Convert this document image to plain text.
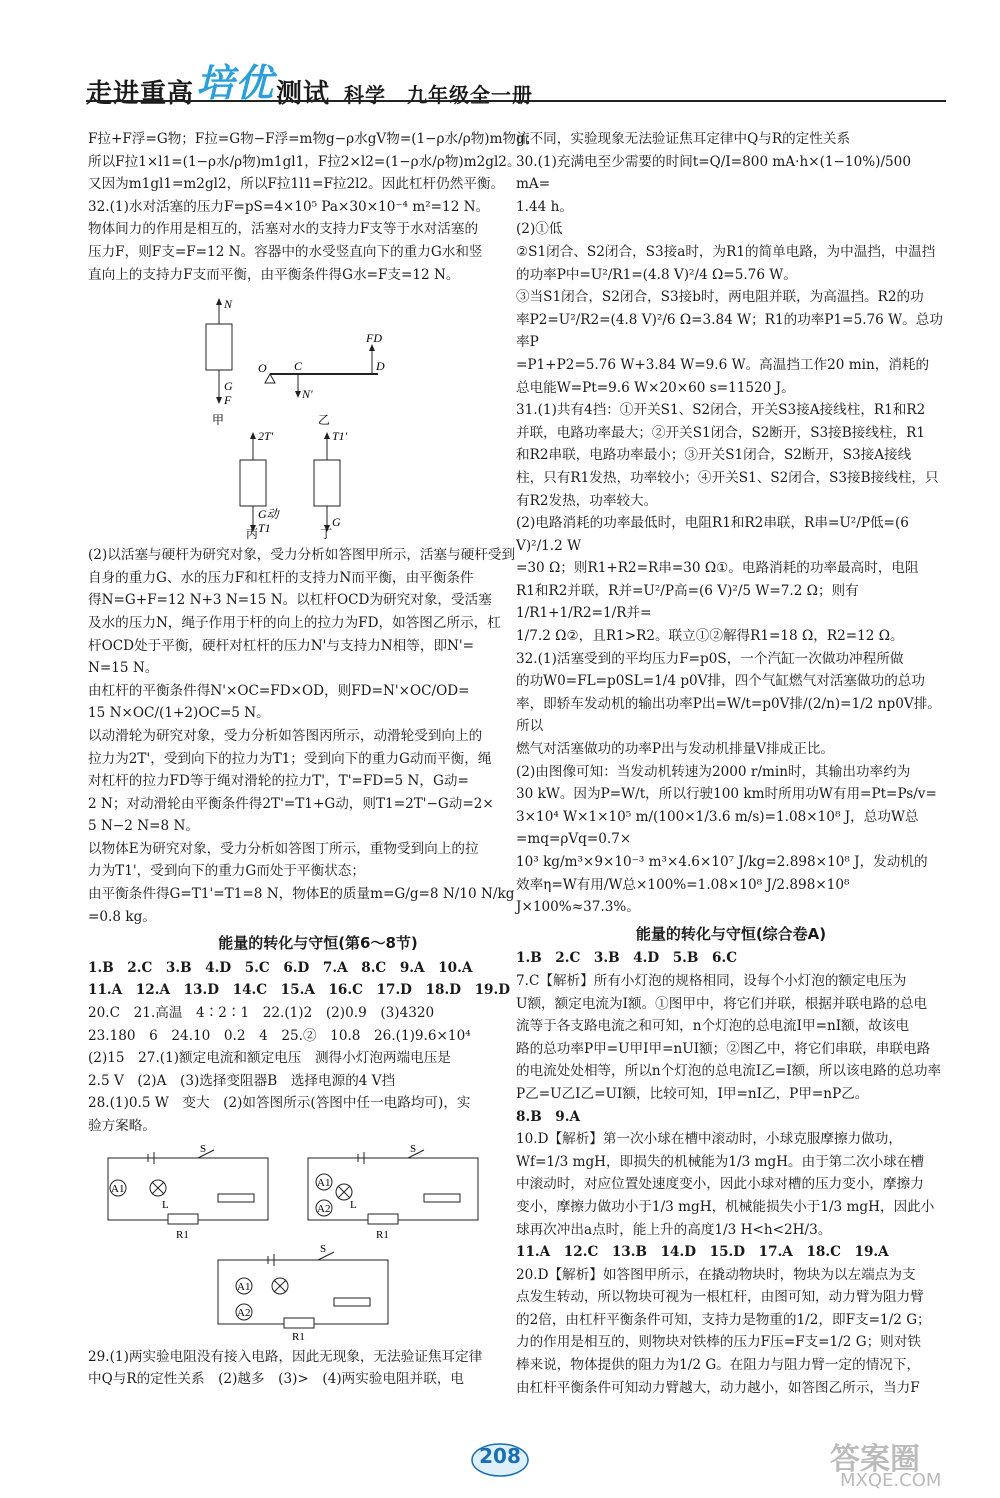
走进重高培优测试 科学　九年级全一册

F拉+F浮=G物；F拉=G物−F浮=m物g−ρ水gV物=(1−ρ水/ρ物)m物g；

所以F拉1×l1=(1−ρ水/ρ物)m1gl1，F拉2×l2=(1−ρ水/ρ物)m2gl2。

又因为m1gl1=m2gl2，所以F拉1l1=F拉2l2。因此杠杆仍然平衡。

32.(1)水对活塞的压力F=pS=4×10⁵ Pa×30×10⁻⁴ m²=12 N。

物体间力的作用是相互的，活塞对水的支持力F支等于水对活塞的

压力F，则F支=F=12 N。容器中的水受竖直向下的重力G水和竖

直向上的支持力F支而平衡，由平衡条件得G水=F支=12 N。

N
G
F
甲
O C	D
FD
N'
乙
2T'
G动
T1
丙
T1'
G
丁

(2)以活塞与硬杆为研究对象，受力分析如答图甲所示，活塞与硬杆受到

自身的重力G、水的压力F和杠杆的支持力N而平衡，由平衡条件

得N=G+F=12 N+3 N=15 N。以杠杆OCD为研究对象，受活塞

及水的压力N，绳子作用于杆的向上的拉力为FD，如答图乙所示，杠

杆OCD处于平衡，硬杆对杠杆的压力N'与支持力N相等，即N'=

N=15 N。

由杠杆的平衡条件得N'×OC=FD×OD，则FD=N'×OC/OD=

15 N×OC/(1+2)OC=5 N。

以动滑轮为研究对象，受力分析如答图丙所示，动滑轮受到向上的

拉力为2T'，受到向下的拉力为T1；受到向下的重力G动而平衡，绳

对杠杆的拉力FD等于绳对滑轮的拉力T'，T'=FD=5 N，G动=

2 N；对动滑轮由平衡条件得2T'=T1+G动，则T1=2T'−G动=2×

5 N−2 N=8 N。

以物体E为研究对象，受力分析如答图丁所示，重物受到向上的拉

力为T1'，受到向下的重力G而处于平衡状态；

由平衡条件得G=T1'=T1=8 N，物体E的质量m=G/g=8 N/10 N/kg

=0.8 kg。

能量的转化与守恒(第6～8节)

1.B　2.C　3.B　4.D　5.C　6.D　7.A　8.C　9.A　10.A

11.A　12.A　13.D　14.C　15.A　16.C　17.D　18.D　19.D

20.C　21.高温　4∶2∶1　22.(1)2　(2)0.9　(3)4320

23.180　6　24.10　0.2　4　25.②　10.8　26.(1)9.6×10⁴

(2)15　27.(1)额定电流和额定电压　测得小灯泡两端电压是

2.5 V　(2)A　(3)选择变阻器B　选择电源的4 V挡

28.(1)0.5 W　变大　(2)如答图所示(答图中任一电路均可)，实

验方案略。

S
A1
L
R1
S
A1
A2 L
R1
S
A1
A2
R1

29.(1)两实验电阻没有接入电路，因此无现象，无法验证焦耳定律

中Q与R的定性关系　(2)越多　(3)>　(4)两实验电阻并联，电

流不同，实验现象无法验证焦耳定律中Q与R的定性关系

30.(1)充满电至少需要的时间t=Q/I=800 mA·h×(1−10%)/500 mA=

1.44 h。

(2)①低

②S1闭合、S2闭合，S3接a时，为R1的简单电路，为中温挡，中温挡

的功率P中=U²/R1=(4.8 V)²/4 Ω=5.76 W。

③当S1闭合，S2闭合，S3接b时，两电阻并联，为高温挡。R2的功

率P2=U²/R2=(4.8 V)²/6 Ω=3.84 W；R1的功率P1=5.76 W。总功率P

=P1+P2=5.76 W+3.84 W=9.6 W。高温挡工作20 min，消耗的

总电能W=Pt=9.6 W×20×60 s=11520 J。

31.(1)共有4挡：①开关S1、S2闭合，开关S3接A接线柱，R1和R2

并联，电路功率最大；②开关S1闭合，S2断开，S3接B接线柱，R1

和R2串联，电路功率最小；③开关S1闭合，S2断开，S3接A接线

柱，只有R1发热，功率较小；④开关S1、S2闭合，S3接B接线柱，只

有R2发热，功率较大。

(2)电路消耗的功率最低时，电阻R1和R2串联，R串=U²/P低=(6 V)²/1.2 W

=30 Ω；则R1+R2=R串=30 Ω①。电路消耗的功率最高时，电阻

R1和R2并联，R并=U²/P高=(6 V)²/5 W=7.2 Ω；则有1/R1+1/R2=1/R并=

1/7.2 Ω②，且R1>R2。联立①②解得R1=18 Ω，R2=12 Ω。

32.(1)活塞受到的平均压力F=p0S，一个汽缸一次做功冲程所做

的功W0=FL=p0SL=1/4 p0V排，四个气缸燃气对活塞做功的总功

率，即轿车发动机的输出功率P出=W/t=p0V排/(2/n)=1/2 np0V排。所以

燃气对活塞做功的功率P出与发动机排量V排成正比。

(2)由图像可知：当发动机转速为2000 r/min时，其输出功率约为

30 kW。因为P=W/t，所以行驶100 km时所用功W有用=Pt=Ps/v=

3×10⁴ W×1×10⁵ m/(100×1/3.6 m/s)=1.08×10⁸ J，总功W总=mq=ρVq=0.7×

10³ kg/m³×9×10⁻³ m³×4.6×10⁷ J/kg=2.898×10⁸ J，发动机的

效率η=W有用/W总×100%=1.08×10⁸ J/2.898×10⁸ J×100%≈37.3%。

能量的转化与守恒(综合卷A)

1.B　2.C　3.B　4.D　5.B　6.C

7.C【解析】所有小灯泡的规格相同，设每个小灯泡的额定电压为

U额，额定电流为I额。①图甲中，将它们并联，根据并联电路的总电

流等于各支路电流之和可知，n个灯泡的总电流I甲=nI额，故该电

路的总功率P甲=U甲I甲=nUI额；②图乙中，将它们串联，串联电路

的电流处处相等，所以n个灯泡的总电流I乙=I额，所以该电路的总功率

P乙=U乙I乙=UI额，比较可知，I甲=nI乙，P甲=nP乙。

8.B　9.A

10.D【解析】第一次小球在槽中滚动时，小球克服摩擦力做功，

Wf=1/3 mgH，即损失的机械能为1/3 mgH。由于第二次小球在槽

中滚动时，对应位置处速度变小，因此小球对槽的压力变小，摩擦力

变小，摩擦力做功小于1/3 mgH，机械能损失小于1/3 mgH，因此小

球再次冲出a点时，能上升的高度1/3 H<h<2H/3。

11.A　12.C　13.B　14.D　15.D　17.A　18.C　19.A

20.D【解析】如答图甲所示，在撬动物块时，物块为以左端点为支

点发生转动，所以物块可视为一根杠杆，由图可知，动力臂为阻力臂

的2倍，由杠杆平衡条件可知，支持力是物重的1/2，即F支=1/2 G；

力的作用是相互的，则物块对铁棒的压力F压=F支=1/2 G；则对铁

棒来说，物体提供的阻力为1/2 G。在阻力与阻力臂一定的情况下，

由杠杆平衡条件可知动力臂越大，动力越小，如答图乙所示，当力F

208	答案圈
MXQE.COM
